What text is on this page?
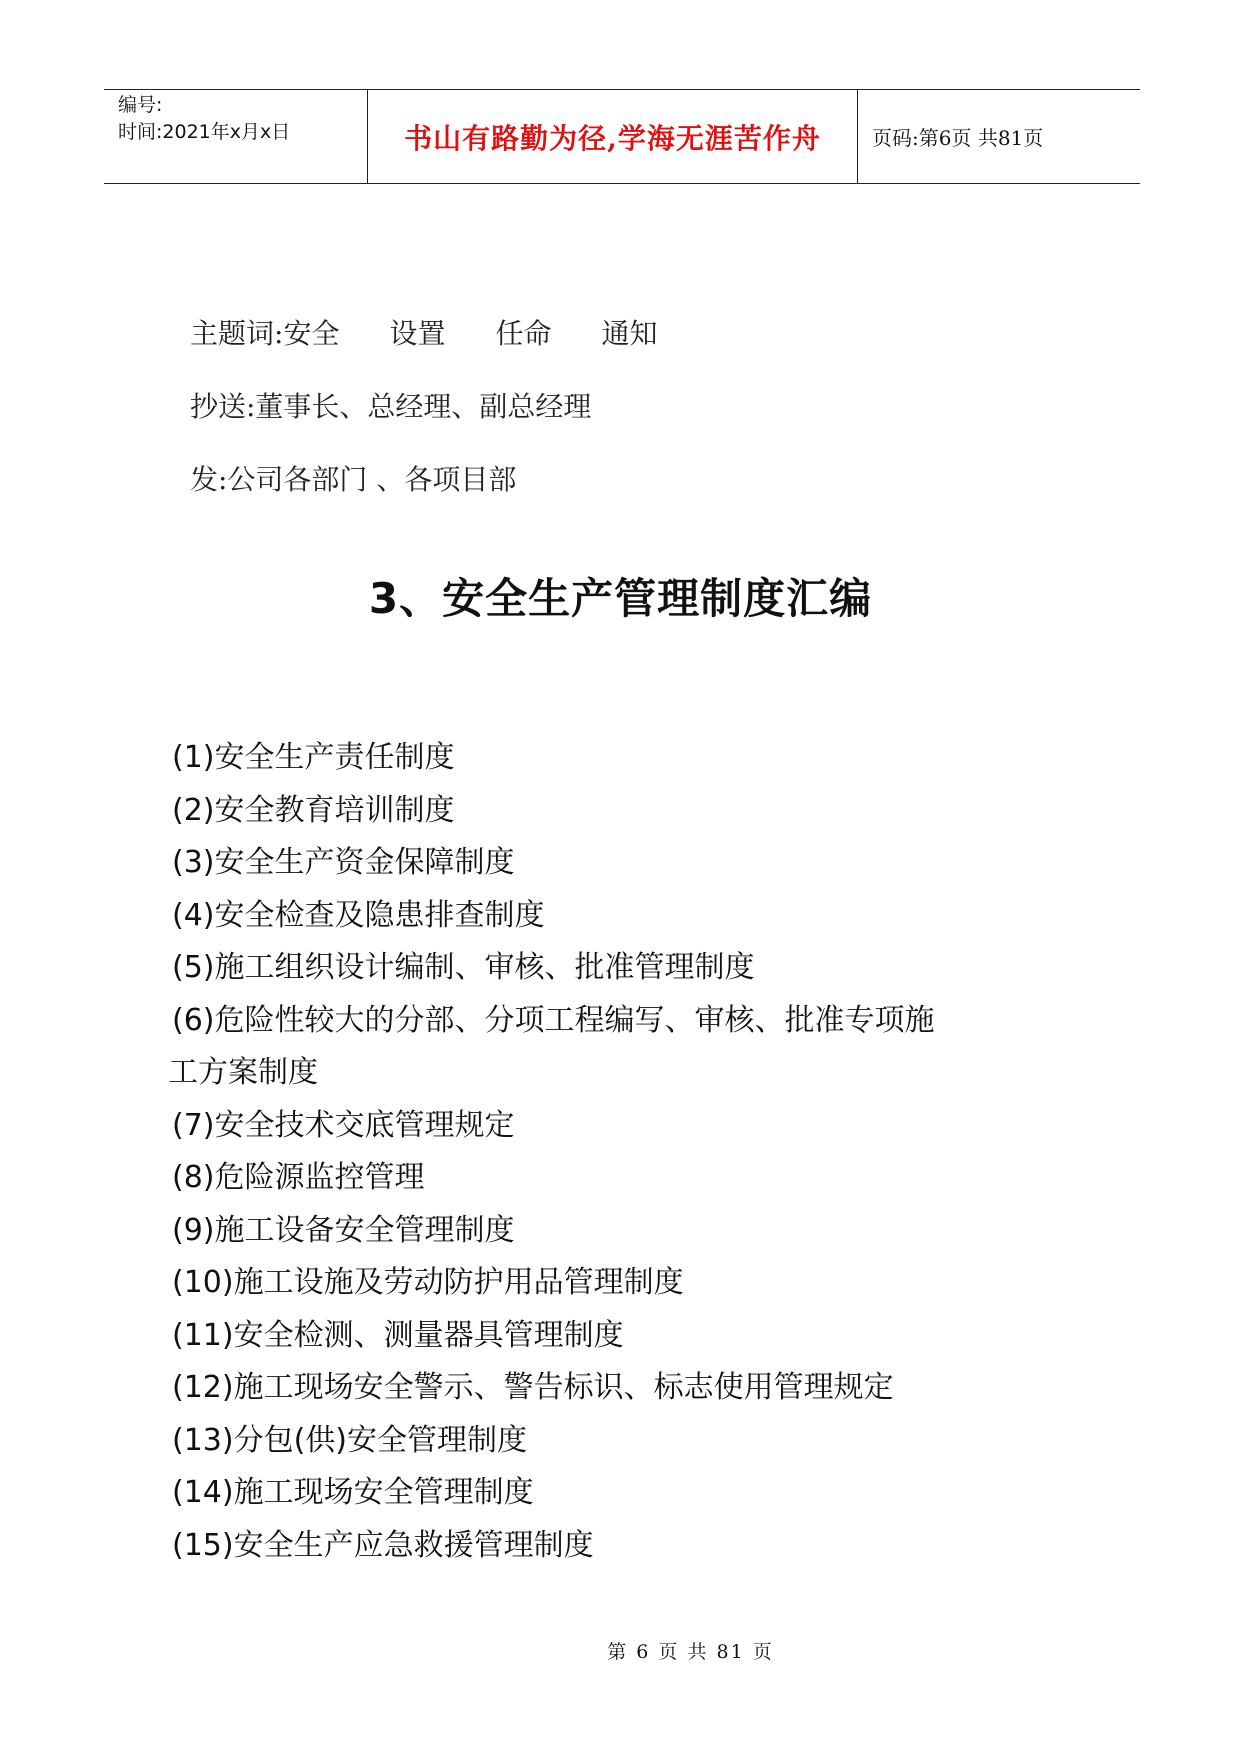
编号:
时间:2021年x月x日	书山有路勤为径,学海无涯苦作舟	页码:第6页 共81页
主题词:安全 设置 任命 通知
抄送:董事长、总经理、副总经理
发:公司各部门 、各项目部
3、安全生产管理制度汇编
(1)安全生产责任制度
(2)安全教育培训制度
(3)安全生产资金保障制度
(4)安全检查及隐患排查制度
(5)施工组织设计编制、审核、批准管理制度
(6)危险性较大的分部、分项工程编写、审核、批准专项施
工方案制度
(7)安全技术交底管理规定
(8)危险源监控管理
(9)施工设备安全管理制度
(10)施工设施及劳动防护用品管理制度
(11)安全检测、测量器具管理制度
(12)施工现场安全警示、警告标识、标志使用管理规定
(13)分包(供)安全管理制度
(14)施工现场安全管理制度
(15)安全生产应急救援管理制度
第 6 页 共 81 页
